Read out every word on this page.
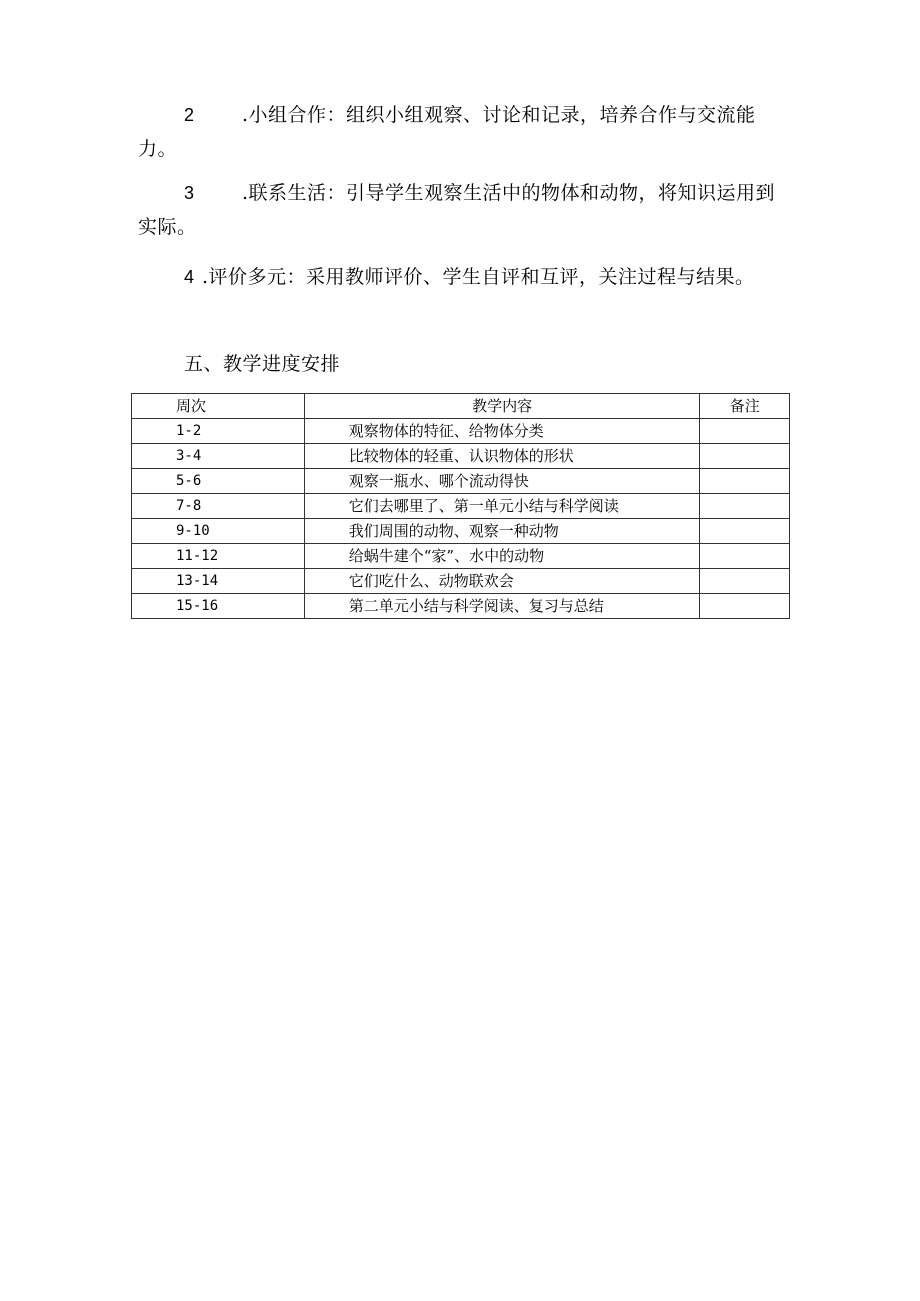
2 .小组合作：组织小组观察、讨论和记录，培养合作与交流能力。
3 .联系生活：引导学生观察生活中的物体和动物，将知识运用到实际。
4 .评价多元：采用教师评价、学生自评和互评，关注过程与结果。
五、教学进度安排
周次	教学内容	备注
1-2	观察物体的特征、给物体分类	
3-4	比较物体的轻重、认识物体的形状	
5-6	观察一瓶水、哪个流动得快	
7-8	它们去哪里了、第一单元小结与科学阅读	
9-10	我们周围的动物、观察一种动物	
11-12	给蜗牛建个“家”、水中的动物	
13-14	它们吃什么、动物联欢会	
15-16	第二单元小结与科学阅读、复习与总结	
